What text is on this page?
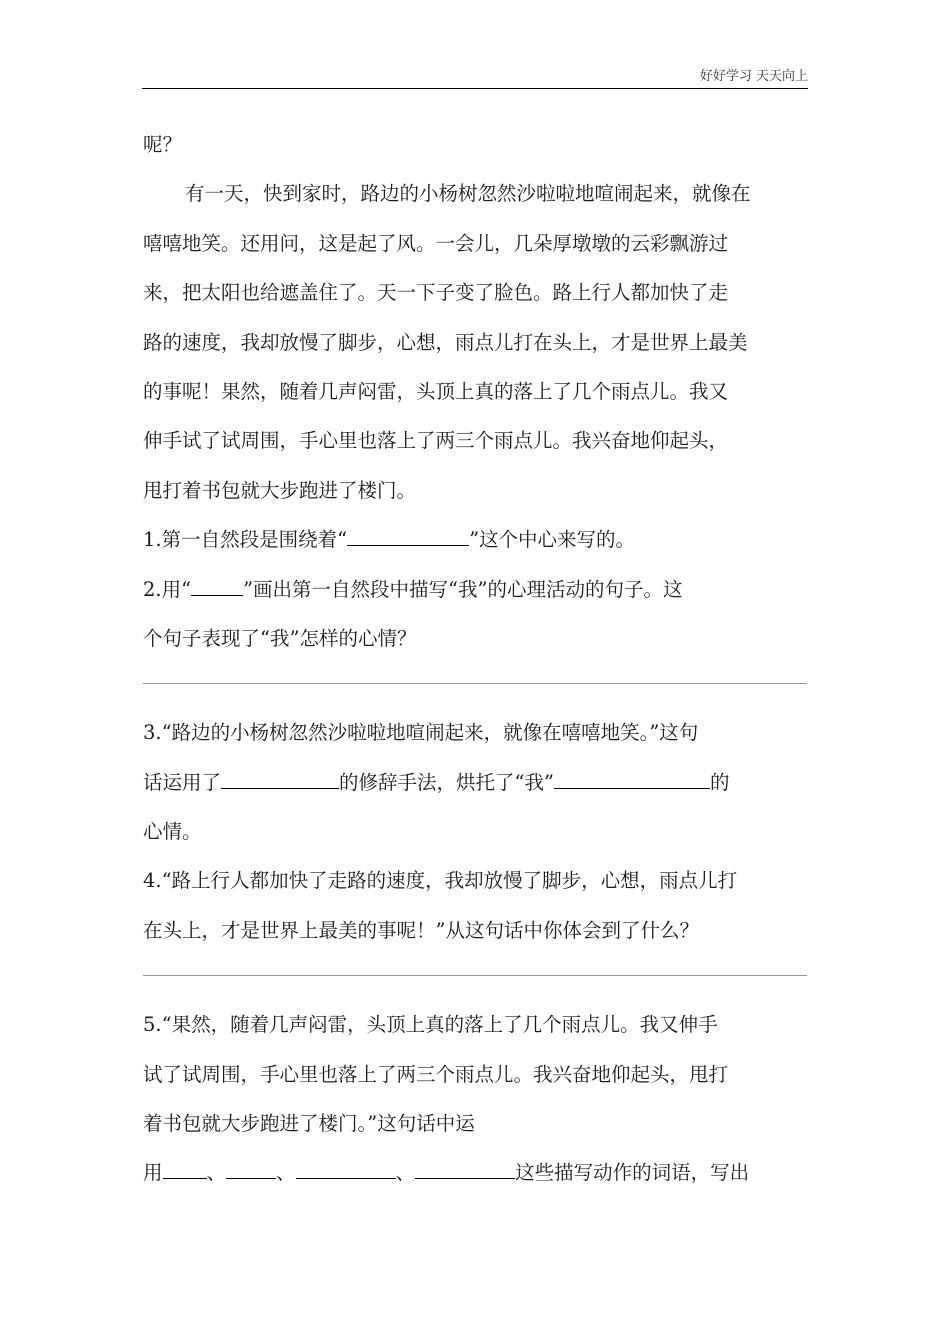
好好学习 天天向上
呢？
有一天，快到家时，路边的小杨树忽然沙啦啦地喧闹起来，就像在
嘻嘻地笑。还用问，这是起了风。一会儿，几朵厚墩墩的云彩飘游过
来，把太阳也给遮盖住了。天一下子变了脸色。路上行人都加快了走
路的速度，我却放慢了脚步，心想，雨点儿打在头上，才是世界上最美
的事呢！果然，随着几声闷雷，头顶上真的落上了几个雨点儿。我又
伸手试了试周围，手心里也落上了两三个雨点儿。我兴奋地仰起头，
甩打着书包就大步跑进了楼门。
1.第一自然段是围绕着“	”这个中心来写的。
2.用“	”画出第一自然段中描写“我”的心理活动的句子。这
个句子表现了“我”怎样的心情？
3.“路边的小杨树忽然沙啦啦地喧闹起来，就像在嘻嘻地笑。”这句
话运用了	的修辞手法，烘托了“我”	的
心情。
4.“路上行人都加快了走路的速度，我却放慢了脚步，心想，雨点儿打
在头上，才是世界上最美的事呢！”从这句话中你体会到了什么？
5.“果然，随着几声闷雷，头顶上真的落上了几个雨点儿。我又伸手
试了试周围，手心里也落上了两三个雨点儿。我兴奋地仰起头，甩打
着书包就大步跑进了楼门。”这句话中运
用 、	、	、	这些描写动作的词语，写出
